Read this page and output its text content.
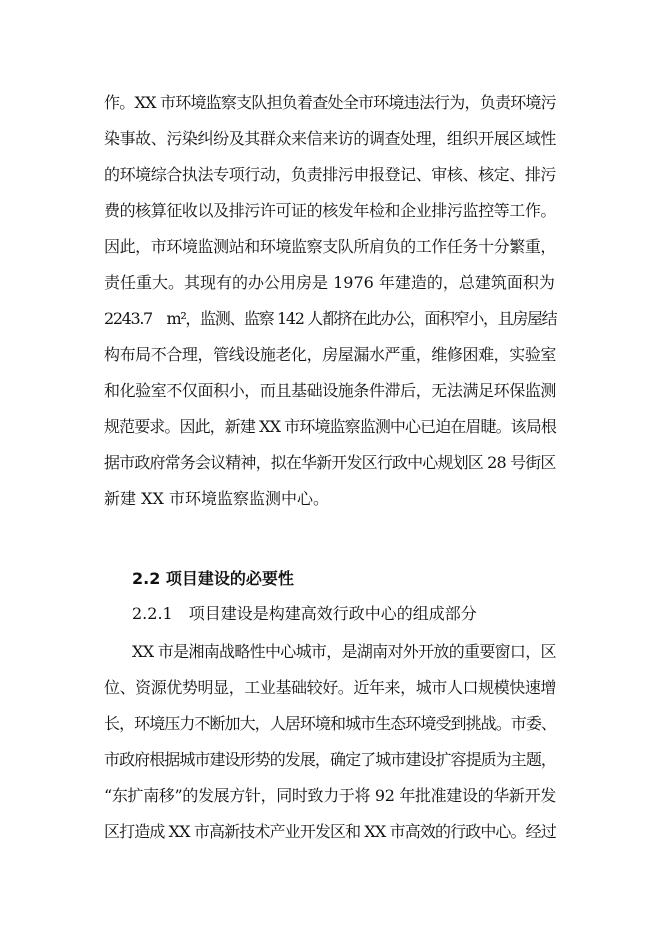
作。XX 市环境监察支队担负着查处全市环境违法行为，负责环境污
染事故、污染纠纷及其群众来信来访的调查处理，组织开展区域性
的环境综合执法专项行动，负责排污申报登记、审核、核定、排污
费的核算征收以及排污许可证的核发年检和企业排污监控等工作。
因此，市环境监测站和环境监察支队所肩负的工作任务十分繁重，
责任重大。其现有的办公用房是 1976 年建造的，总建筑面积为
2243.7　m²，监测、监察 142 人都挤在此办公，面积窄小，且房屋结
构布局不合理，管线设施老化，房屋漏水严重，维修困难，实验室
和化验室不仅面积小，而且基础设施条件滞后，无法满足环保监测
规范要求。因此，新建 XX 市环境监察监测中心已迫在眉睫。该局根
据市政府常务会议精神，拟在华新开发区行政中心规划区 28 号街区
新建 XX 市环境监察监测中心。
2.2 项目建设的必要性
2.2.1　项目建设是构建高效行政中心的组成部分
XX 市是湘南战略性中心城市，是湖南对外开放的重要窗口，区
位、资源优势明显，工业基础较好。近年来，城市人口规模快速增
长，环境压力不断加大，人居环境和城市生态环境受到挑战。市委、
市政府根据城市建设形势的发展，确定了城市建设扩容提质为主题，
“东扩南移”的发展方针，同时致力于将 92 年批准建设的华新开发
区打造成 XX 市高新技术产业开发区和 XX 市高效的行政中心。经过
